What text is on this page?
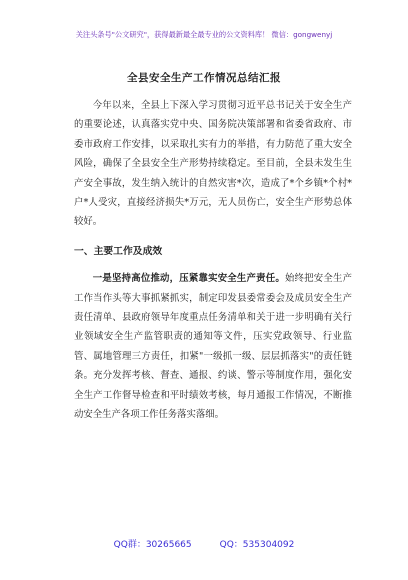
关注头条号"公文研究"，获得最新最全最专业的公文资料库！ 微信：gongwenyj
全县安全生产工作情况总结汇报

今年以来，全县上下深入学习贯彻习近平总书记关于安全生产的重要论述，认真落实党中央、国务院决策部署和省委省政府、市委市政府工作安排，以采取扎实有力的举措，有力防范了重大安全风险，确保了全县安全生产形势持续稳定。至目前，全县未发生生产安全事故，发生纳入统计的自然灾害*次，造成了*个乡镇*个村*户*人受灾，直接经济损失*万元，无人员伤亡，安全生产形势总体较好。

一、主要工作及成效

一是坚持高位推动，压紧靠实安全生产责任。始终把安全生产工作当作头等大事抓紧抓实，制定印发县委常委会及成员安全生产责任清单、县政府领导年度重点任务清单和关于进一步明确有关行业领域安全生产监管职责的通知等文件，压实党政领导、行业监管、属地管理三方责任，扣紧"一级抓一级、层层抓落实"的责任链条。充分发挥考核、督查、通报、约谈、警示等制度作用，强化安全生产工作督导检查和平时绩效考核，每月通报工作情况，不断推动安全生产各项工作任务落实落细。

QQ群：30265665	QQ：535304092
